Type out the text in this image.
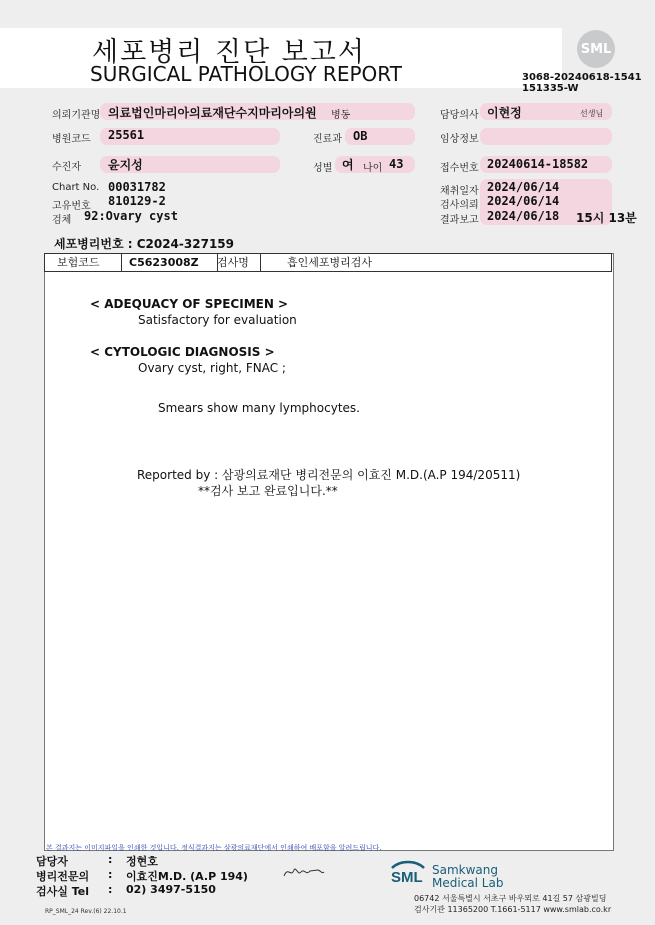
세포병리 진단 보고서
SURGICAL PATHOLOGY REPORT
SML
3068-20240618-1541
151335-W
의뢰기관명 의료법인마리아의료재단수지마리아의원 병동	담당의사 이현정	선생님
병원코드 25561	진료과 OB	임상정보
수진자 윤지성	성별 여 나이 43	접수번호 20240614-18582
Chart No. 00031782
고유번호 810129-2
검체 92:Ovary cyst
채취일자 2024/06/14
검사의뢰 2024/06/14
결과보고 2024/06/18 15시 13분
세포병리번호 : C2024-327159
보험코드	C5623008Z	검사명	흡인세포병리검사
< ADEQUACY OF SPECIMEN >
Satisfactory for evaluation
< CYTOLOGIC DIAGNOSIS >
Ovary cyst, right, FNAC ;
Smears show many lymphocytes.
Reported by : 삼광의료재단 병리전문의 이효진 M.D.(A.P 194/20511)
**검사 보고 완료입니다.**
본 결과지는 이미지파일을 인쇄한 것입니다. 정식결과지는 삼광의료재단에서 인쇄하여 배포함을 알려드립니다.
담당자	: 정현호
병리전문의 : 이효진M.D. (A.P 194)
검사실 Tel : 02) 3497-5150
SML Samkwang
Medical Lab
06742 서울특별시 서초구 바우뫼로 41길 57 삼광빌딩
검사기관 11365200 T.1661-5117 www.smlab.co.kr
RP_SML_24 Rev.(6) 22.10.1
